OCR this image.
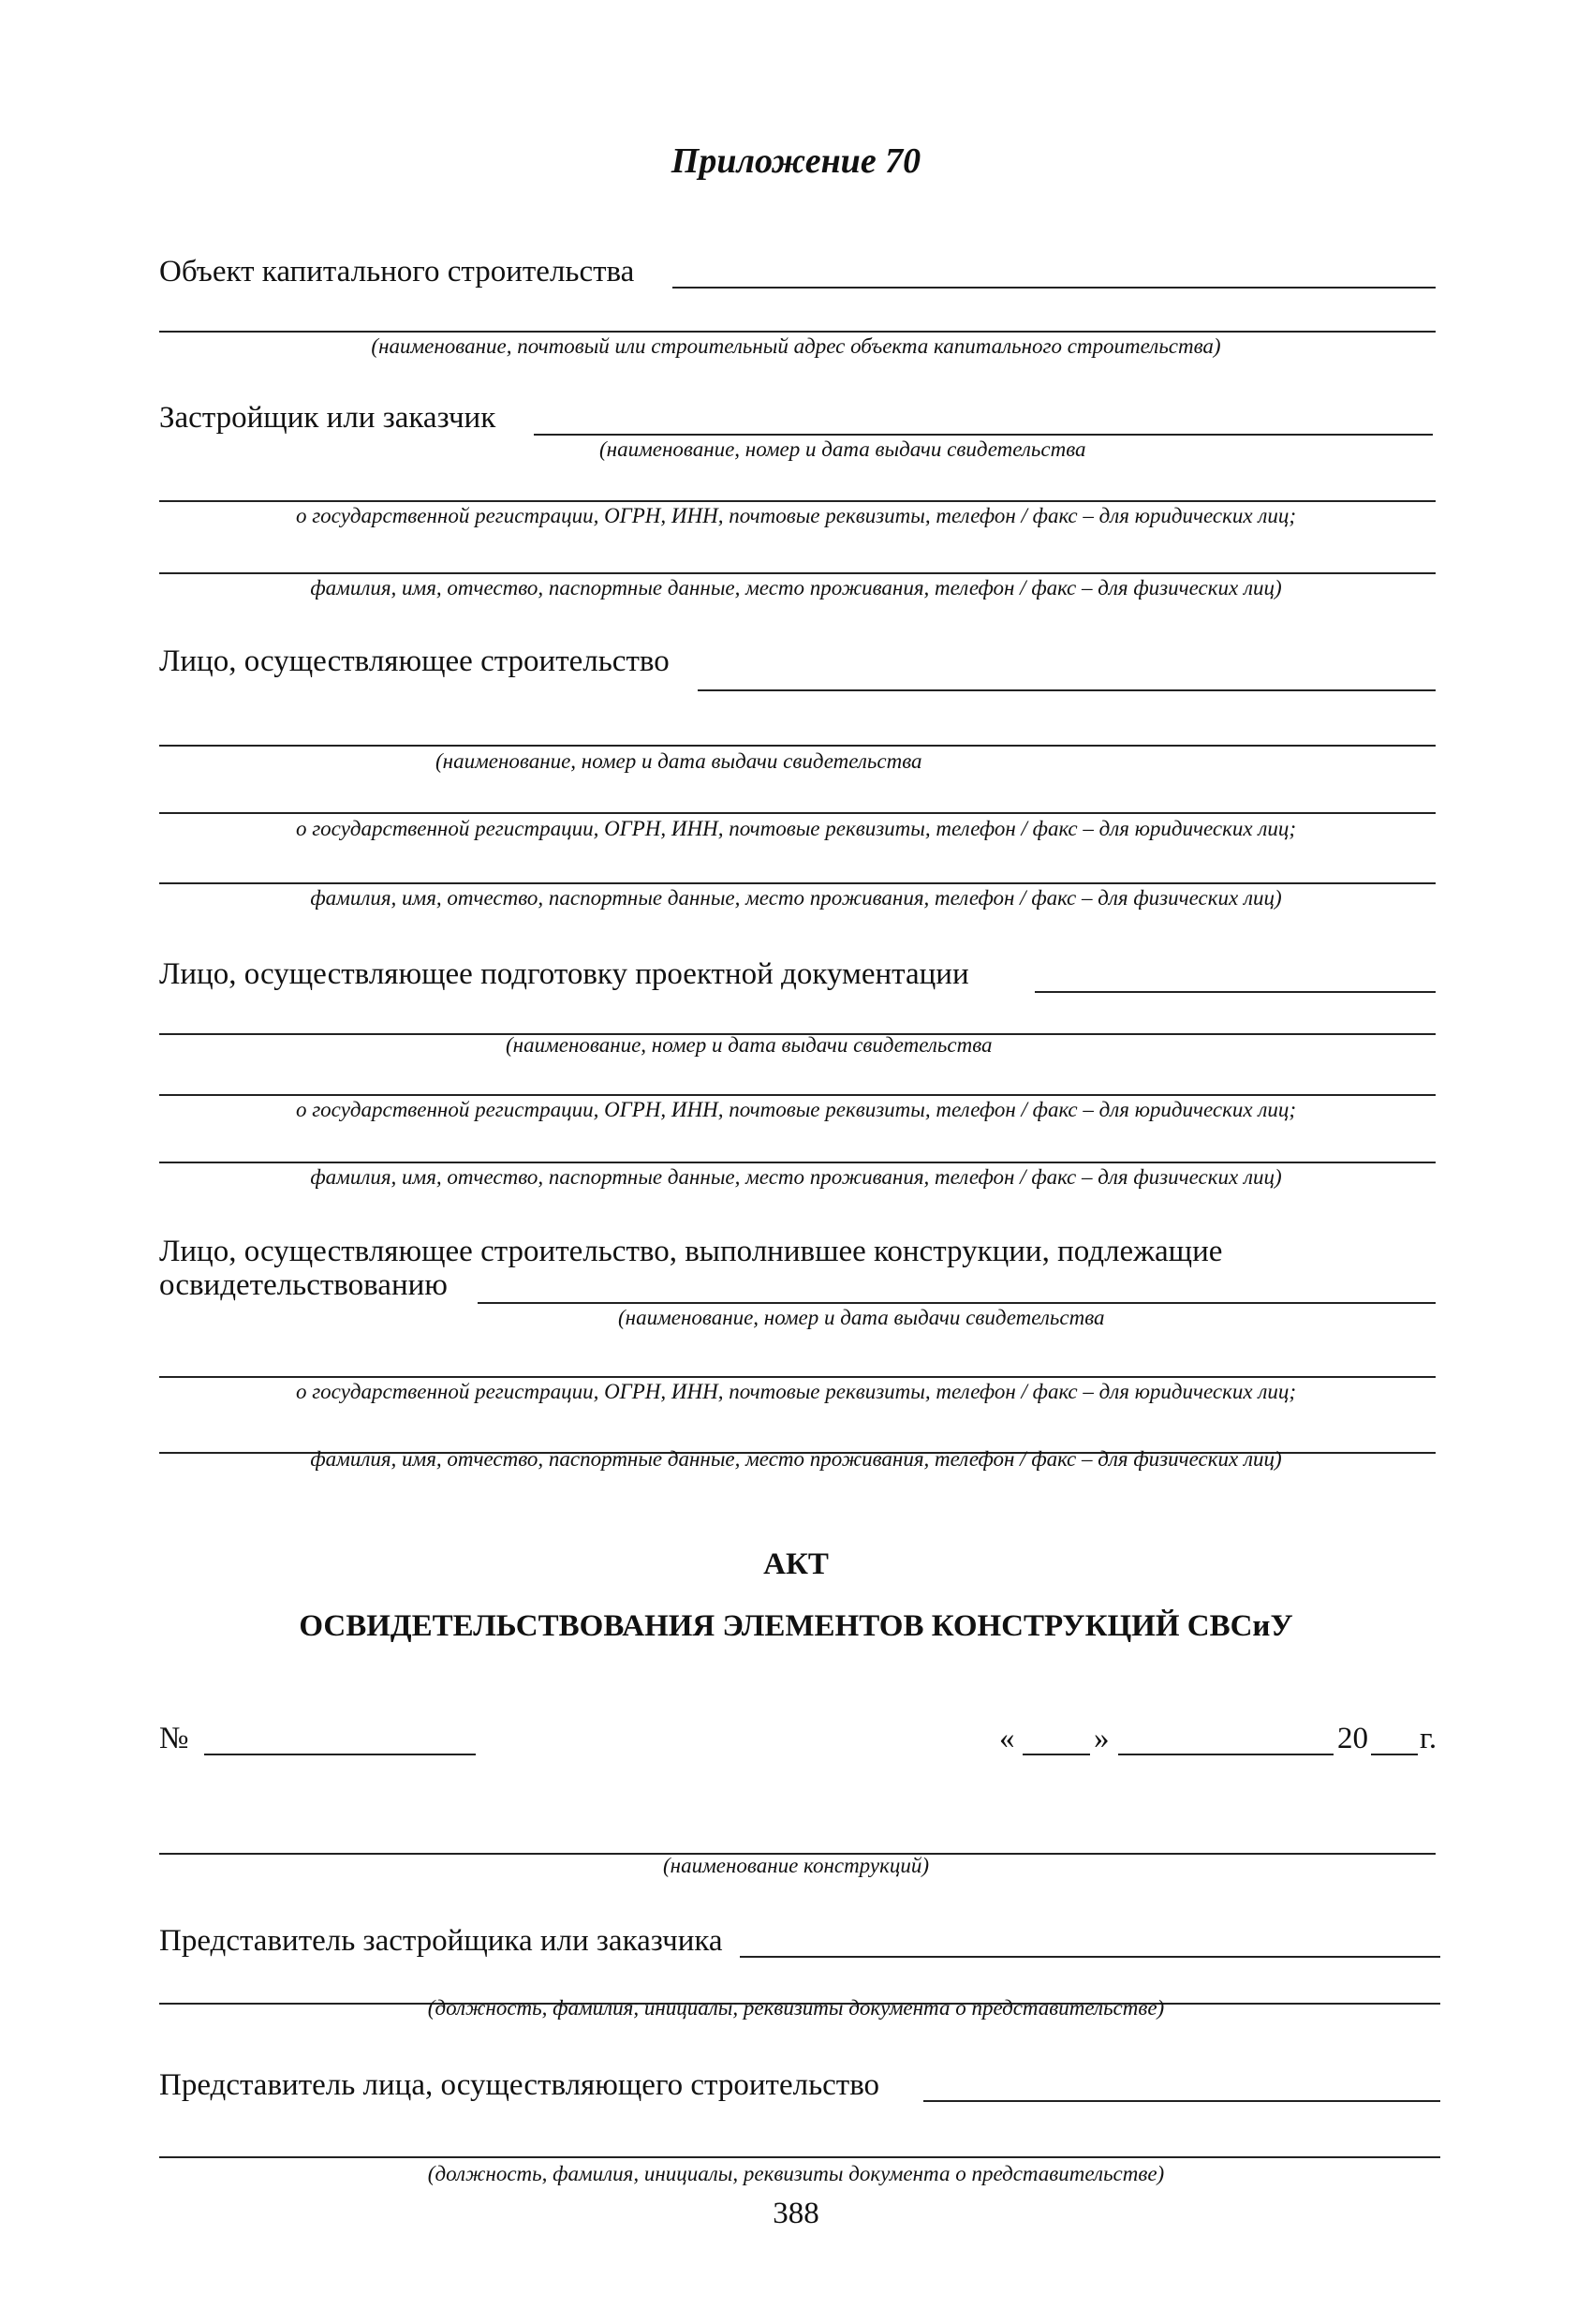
Приложение 70
Объект капитального строительства
(наименование, почтовый или строительный адрес объекта капитального строительства)
Застройщик или заказчик
(наименование, номер и дата выдачи свидетельства
о государственной регистрации, ОГРН, ИНН, почтовые реквизиты, телефон / факс – для юридических лиц;
фамилия, имя, отчество, паспортные данные, место проживания, телефон / факс – для физических лиц)
Лицо, осуществляющее строительство
(наименование, номер и дата выдачи свидетельства
о государственной регистрации, ОГРН, ИНН, почтовые реквизиты, телефон / факс – для юридических лиц;
фамилия, имя, отчество, паспортные данные, место проживания, телефон / факс – для физических лиц)
Лицо, осуществляющее подготовку проектной документации
(наименование, номер и дата выдачи свидетельства
о государственной регистрации, ОГРН, ИНН, почтовые реквизиты, телефон / факс – для юридических лиц;
фамилия, имя, отчество, паспортные данные, место проживания, телефон / факс – для физических лиц)
Лицо, осуществляющее строительство, выполнившее конструкции, подлежащие
освидетельствованию
(наименование, номер и дата выдачи свидетельства
о государственной регистрации, ОГРН, ИНН, почтовые реквизиты, телефон / факс – для юридических лиц;
фамилия, имя, отчество, паспортные данные, место проживания, телефон / факс – для физических лиц)
АКТ
ОСВИДЕТЕЛЬСТВОВАНИЯ ЭЛЕМЕНТОВ КОНСТРУКЦИЙ СВСиУ
№	«	»	20 г.
(наименование конструкций)
Представитель застройщика или заказчика
(должность, фамилия, инициалы, реквизиты документа о представительстве)
Представитель лица, осуществляющего строительство
(должность, фамилия, инициалы, реквизиты документа о представительстве)
388
